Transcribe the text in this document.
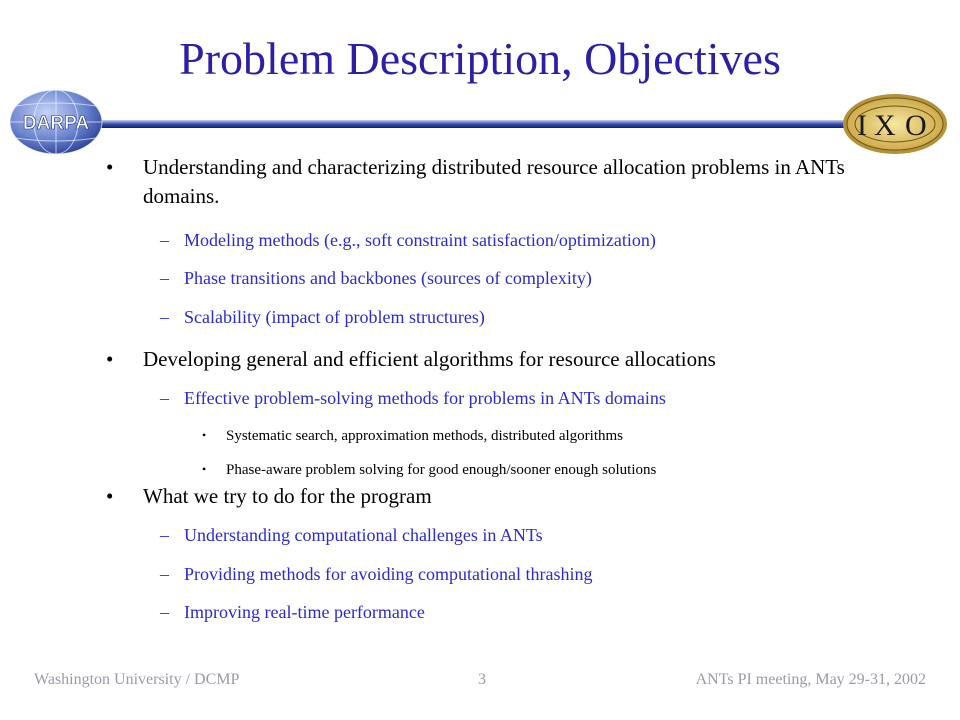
Problem Description, Objectives
DARPA	I X O
• Understanding and characterizing distributed resource allocation problems in ANTs domains.
– Modeling methods (e.g., soft constraint satisfaction/optimization)
– Phase transitions and backbones (sources of complexity)
– Scalability (impact of problem structures)
• Developing general and efficient algorithms for resource allocations
– Effective problem-solving methods for problems in ANTs domains
• Systematic search, approximation methods, distributed algorithms
• Phase-aware problem solving for good enough/sooner enough solutions
• What we try to do for the program
– Understanding computational challenges in ANTs
– Providing methods for avoiding computational thrashing
– Improving real-time performance
Washington University / DCMP	3	ANTs PI meeting, May 29-31, 2002
